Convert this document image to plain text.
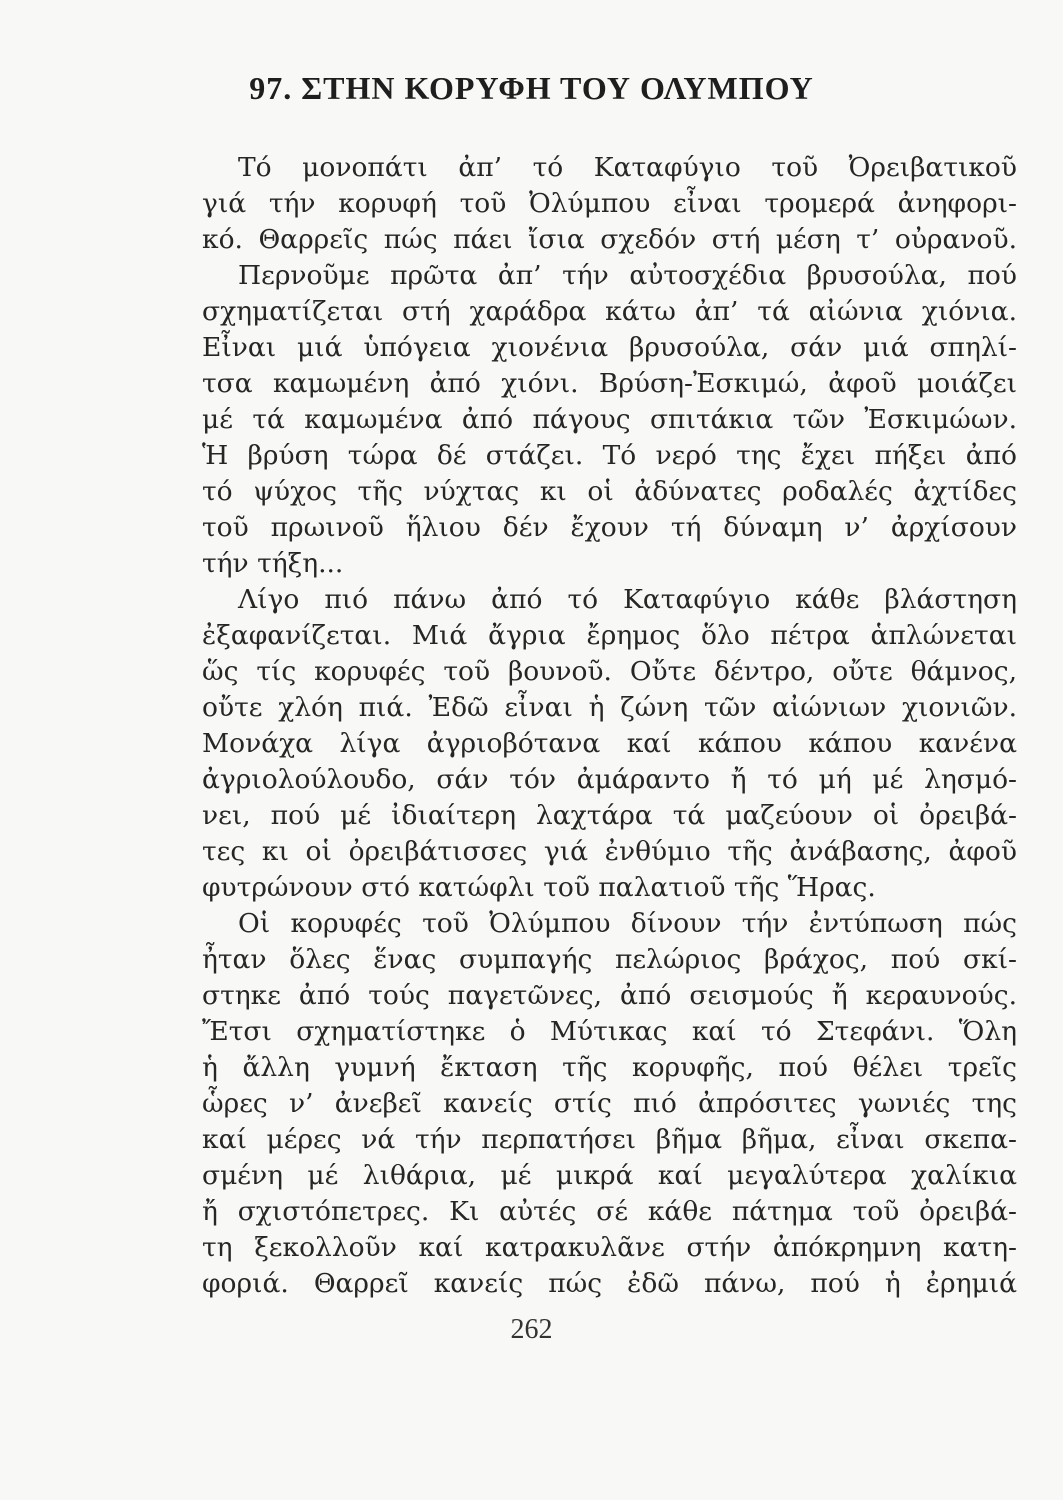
97. ΣΤΗΝ ΚΟΡΥΦΗ ΤΟΥ ΟΛΥΜΠΟΥ
Τό μονοπάτι ἀπ’ τό Καταφύγιο τοῦ Ὀρειβατικοῦ
γιά τήν κορυφή τοῦ Ὀλύμπου εἶναι τρομερά ἀνηφορι-
κό. Θαρρεῖς πώς πάει ἴσια σχεδόν στή μέση τ’ οὐρανοῦ.
Περνοῦμε πρῶτα ἀπ’ τήν αὐτοσχέδια βρυσούλα, πού
σχηματίζεται στή χαράδρα κάτω ἀπ’ τά αἰώνια χιόνια.
Εἶναι μιά ὑπόγεια χιονένια βρυσούλα, σάν μιά σπηλί-
τσα καμωμένη ἀπό χιόνι. Βρύση-Ἐσκιμώ, ἀφοῦ μοιάζει
μέ τά καμωμένα ἀπό πάγους σπιτάκια τῶν Ἐσκιμώων.
Ἡ βρύση τώρα δέ στάζει. Τό νερό της ἔχει πήξει ἀπό
τό ψύχος τῆς νύχτας κι οἱ ἀδύνατες ροδαλές ἀχτίδες
τοῦ πρωινοῦ ἥλιου δέν ἔχουν τή δύναμη ν’ ἀρχίσουν
τήν τήξη...
Λίγο πιό πάνω ἀπό τό Καταφύγιο κάθε βλάστηση
ἐξαφανίζεται. Μιά ἄγρια ἔρημος ὅλο πέτρα ἁπλώνεται
ὥς τίς κορυφές τοῦ βουνοῦ. Οὔτε δέντρο, οὔτε θάμνος,
οὔτε χλόη πιά. Ἐδῶ εἶναι ἡ ζώνη τῶν αἰώνιων χιονιῶν.
Μονάχα λίγα ἀγριοβότανα καί κάπου κάπου κανένα
ἀγριολούλουδο, σάν τόν ἀμάραντο ἤ τό μή μέ λησμό-
νει, πού μέ ἰδιαίτερη λαχτάρα τά μαζεύουν οἱ ὀρειβά-
τες κι οἱ ὀρειβάτισσες γιά ἐνθύμιο τῆς ἀνάβασης, ἀφοῦ
φυτρώνουν στό κατώφλι τοῦ παλατιοῦ τῆς Ἥρας.
Οἱ κορυφές τοῦ Ὀλύμπου δίνουν τήν ἐντύπωση πώς
ἦταν ὅλες ἕνας συμπαγής πελώριος βράχος, πού σκί-
στηκε ἀπό τούς παγετῶνες, ἀπό σεισμούς ἤ κεραυνούς.
Ἔτσι σχηματίστηκε ὁ Μύτικας καί τό Στεφάνι. Ὅλη
ἡ ἄλλη γυμνή ἔκταση τῆς κορυφῆς, πού θέλει τρεῖς
ὧρες ν’ ἀνεβεῖ κανείς στίς πιό ἀπρόσιτες γωνιές της
καί μέρες νά τήν περπατήσει βῆμα βῆμα, εἶναι σκεπα-
σμένη μέ λιθάρια, μέ μικρά καί μεγαλύτερα χαλίκια
ἤ σχιστόπετρες. Κι αὐτές σέ κάθε πάτημα τοῦ ὀρειβά-
τη ξεκολλοῦν καί κατρακυλᾶνε στήν ἀπόκρημνη κατη-
φοριά. Θαρρεῖ κανείς πώς ἐδῶ πάνω, πού ἡ ἐρημιά
262
